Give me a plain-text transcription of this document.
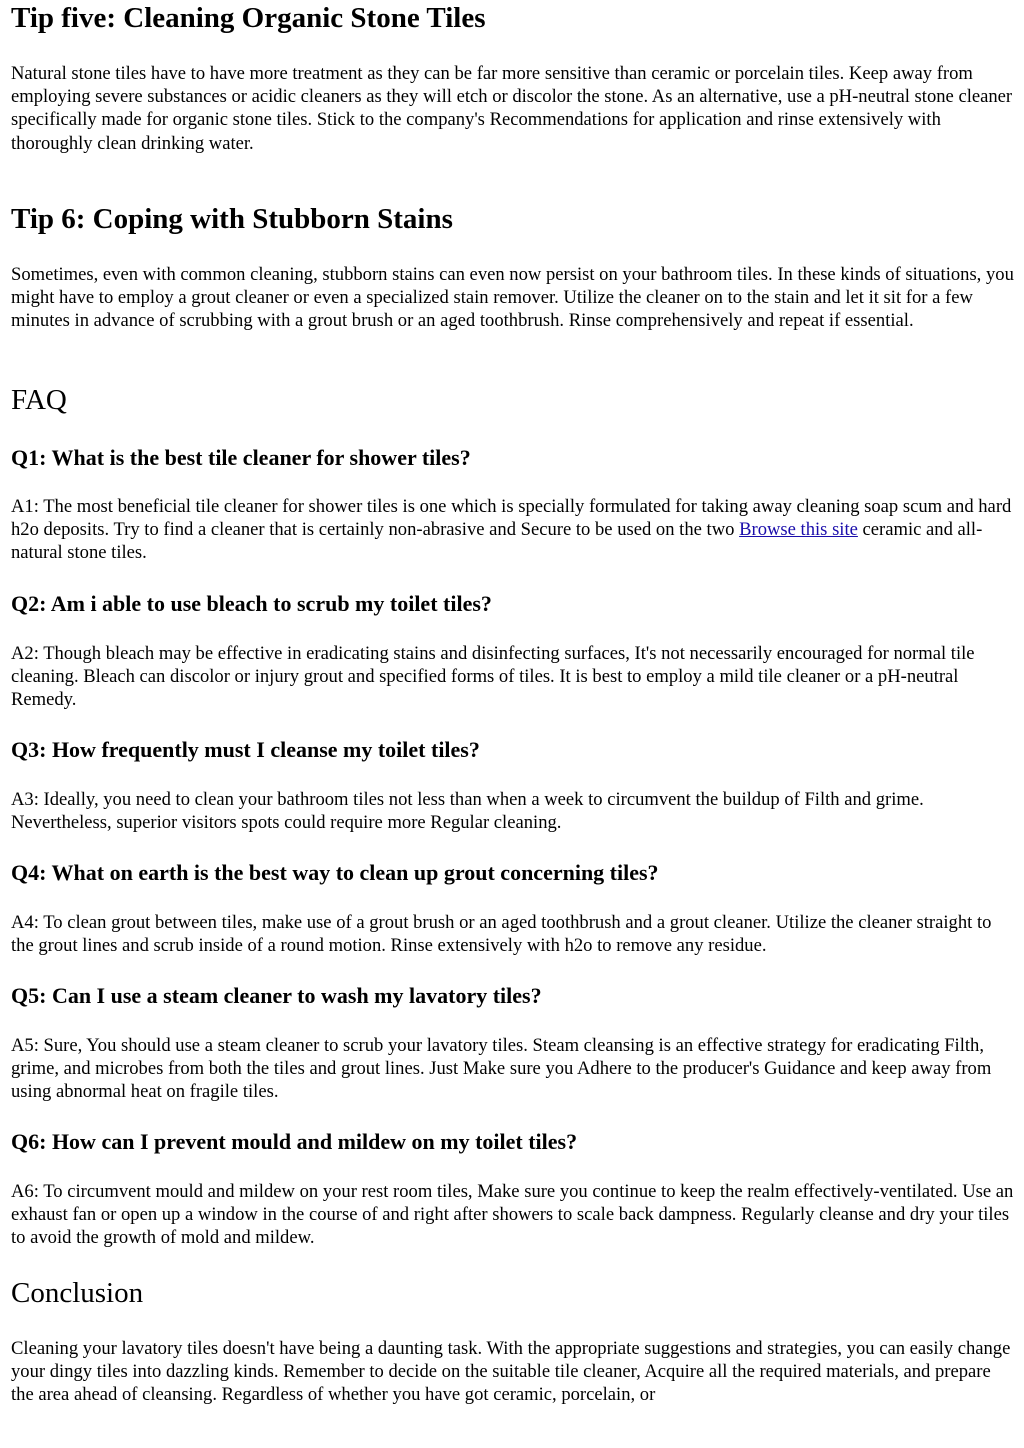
Tip five: Cleaning Organic Stone Tiles

Natural stone tiles have to have more treatment as they can be far more sensitive than ceramic or porcelain tiles. Keep away from employing severe substances or acidic cleaners as they will etch or discolor the stone. As an alternative, use a pH-neutral stone cleaner specifically made for organic stone tiles. Stick to the company's Recommendations for application and rinse extensively with thoroughly clean drinking water.

Tip 6: Coping with Stubborn Stains

Sometimes, even with common cleaning, stubborn stains can even now persist on your bathroom tiles. In these kinds of situations, you might have to employ a grout cleaner or even a specialized stain remover. Utilize the cleaner on to the stain and let it sit for a few minutes in advance of scrubbing with a grout brush or an aged toothbrush. Rinse comprehensively and repeat if essential.

FAQ
Q1: What is the best tile cleaner for shower tiles?

A1: The most beneficial tile cleaner for shower tiles is one which is specially formulated for taking away cleaning soap scum and hard h2o deposits. Try to find a cleaner that is certainly non-abrasive and Secure to be used on the two Browse this site ceramic and all-natural stone tiles.

Q2: Am i able to use bleach to scrub my toilet tiles?

A2: Though bleach may be effective in eradicating stains and disinfecting surfaces, It's not necessarily encouraged for normal tile cleaning. Bleach can discolor or injury grout and specified forms of tiles. It is best to employ a mild tile cleaner or a pH-neutral Remedy.

Q3: How frequently must I cleanse my toilet tiles?

A3: Ideally, you need to clean your bathroom tiles not less than when a week to circumvent the buildup of Filth and grime. Nevertheless, superior visitors spots could require more Regular cleaning.

Q4: What on earth is the best way to clean up grout concerning tiles?

A4: To clean grout between tiles, make use of a grout brush or an aged toothbrush and a grout cleaner. Utilize the cleaner straight to the grout lines and scrub inside of a round motion. Rinse extensively with h2o to remove any residue.

Q5: Can I use a steam cleaner to wash my lavatory tiles?

A5: Sure, You should use a steam cleaner to scrub your lavatory tiles. Steam cleansing is an effective strategy for eradicating Filth, grime, and microbes from both the tiles and grout lines. Just Make sure you Adhere to the producer's Guidance and keep away from using abnormal heat on fragile tiles.

Q6: How can I prevent mould and mildew on my toilet tiles?

A6: To circumvent mould and mildew on your rest room tiles, Make sure you continue to keep the realm effectively-ventilated. Use an exhaust fan or open up a window in the course of and right after showers to scale back dampness. Regularly cleanse and dry your tiles to avoid the growth of mold and mildew.

Conclusion

Cleaning your lavatory tiles doesn't have being a daunting task. With the appropriate suggestions and strategies, you can easily change your dingy tiles into dazzling kinds. Remember to decide on the suitable tile cleaner, Acquire all the required materials, and prepare the area ahead of cleansing. Regardless of whether you have got ceramic, porcelain, or
